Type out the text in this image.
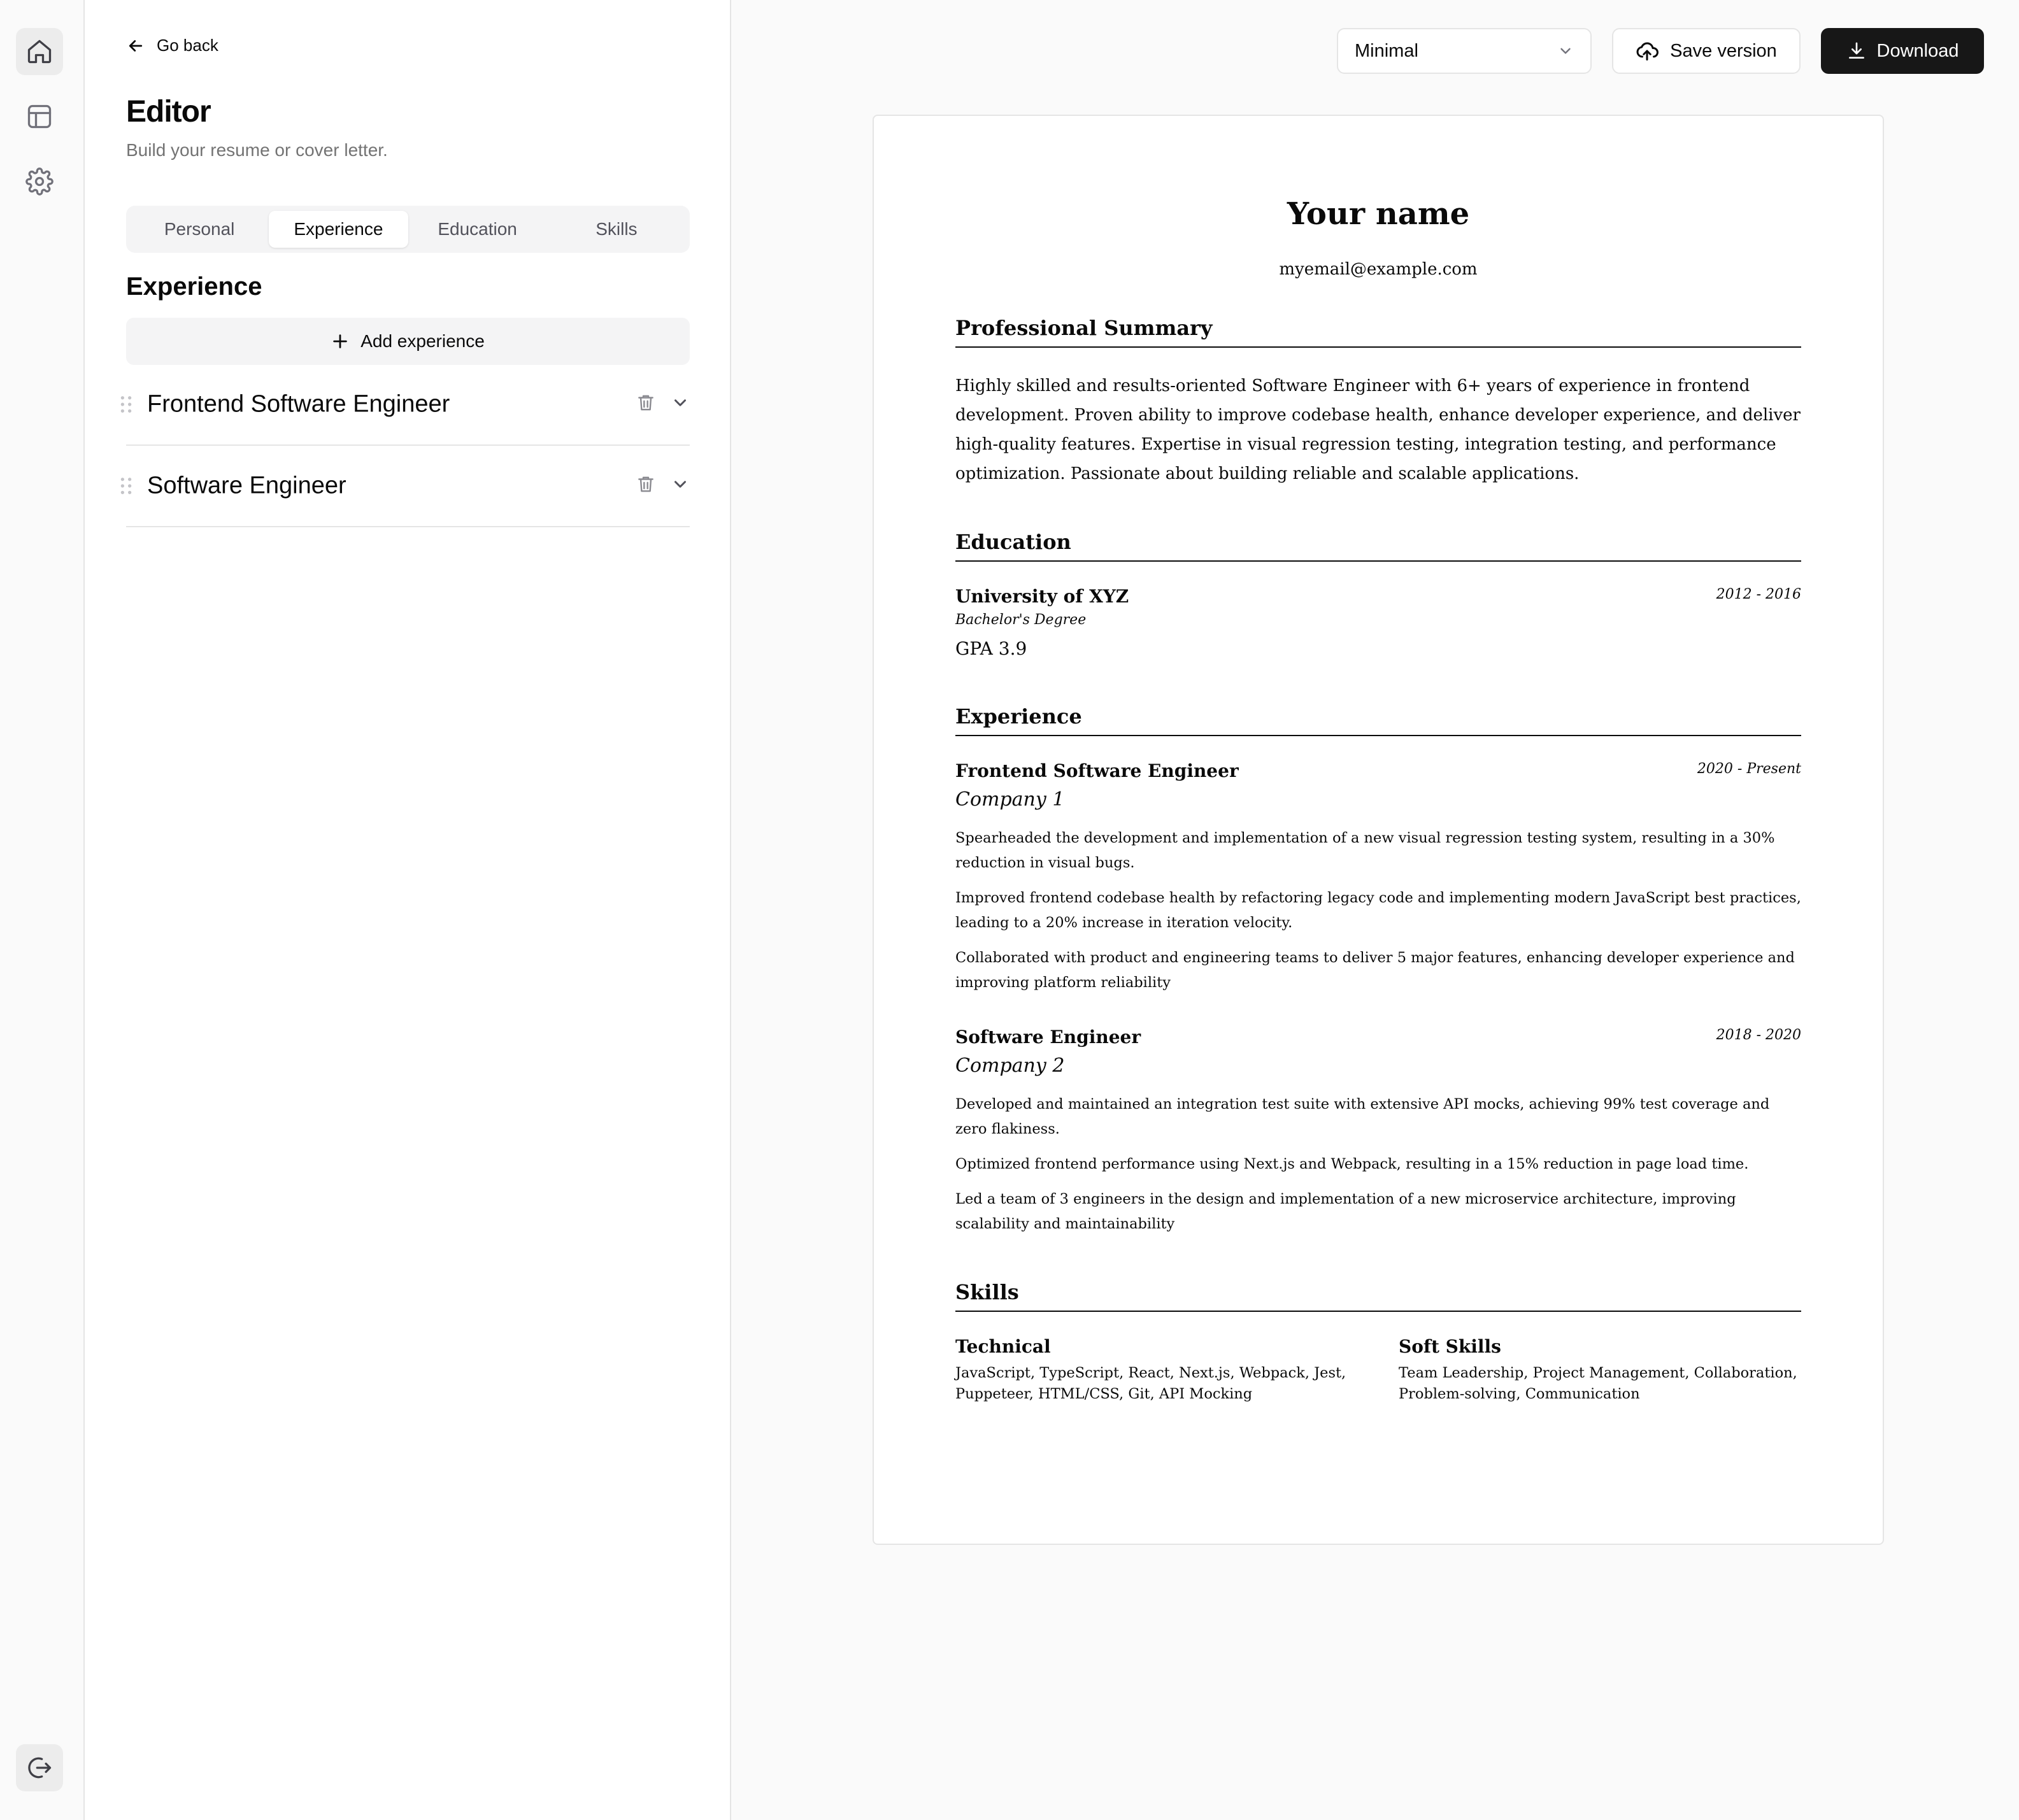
Go back
Editor
Build your resume or cover letter.
Personal	Experience	Education	Skills
Experience
Add experience
Frontend Software Engineer
Software Engineer
Minimal	Save version	Download
Your name
myemail@example.com
Professional Summary

Highly skilled and results-oriented Software Engineer with 6+ years of experience in frontend development. Proven ability to improve codebase health, enhance developer experience, and deliver high-quality features. Expertise in visual regression testing, integration testing, and performance optimization. Passionate about building reliable and scalable applications.

Education
University of XYZ	2012 - 2016
Bachelor's Degree
GPA 3.9
Experience
Frontend Software Engineer	2020 - Present
Company 1

Spearheaded the development and implementation of a new visual regression testing system, resulting in a 30% reduction in visual bugs.

Improved frontend codebase health by refactoring legacy code and implementing modern JavaScript best practices, leading to a 20% increase in iteration velocity.

Collaborated with product and engineering teams to deliver 5 major features, enhancing developer experience and improving platform reliability

Software Engineer	2018 - 2020
Company 2

Developed and maintained an integration test suite with extensive API mocks, achieving 99% test coverage and zero flakiness.

Optimized frontend performance using Next.js and Webpack, resulting in a 15% reduction in page load time.

Led a team of 3 engineers in the design and implementation of a new microservice architecture, improving scalability and maintainability

Skills
Technical

JavaScript, TypeScript, React, Next.js, Webpack, Jest, Puppeteer, HTML/CSS, Git, API Mocking

Soft Skills

Team Leadership, Project Management, Collaboration, Problem-solving, Communication
